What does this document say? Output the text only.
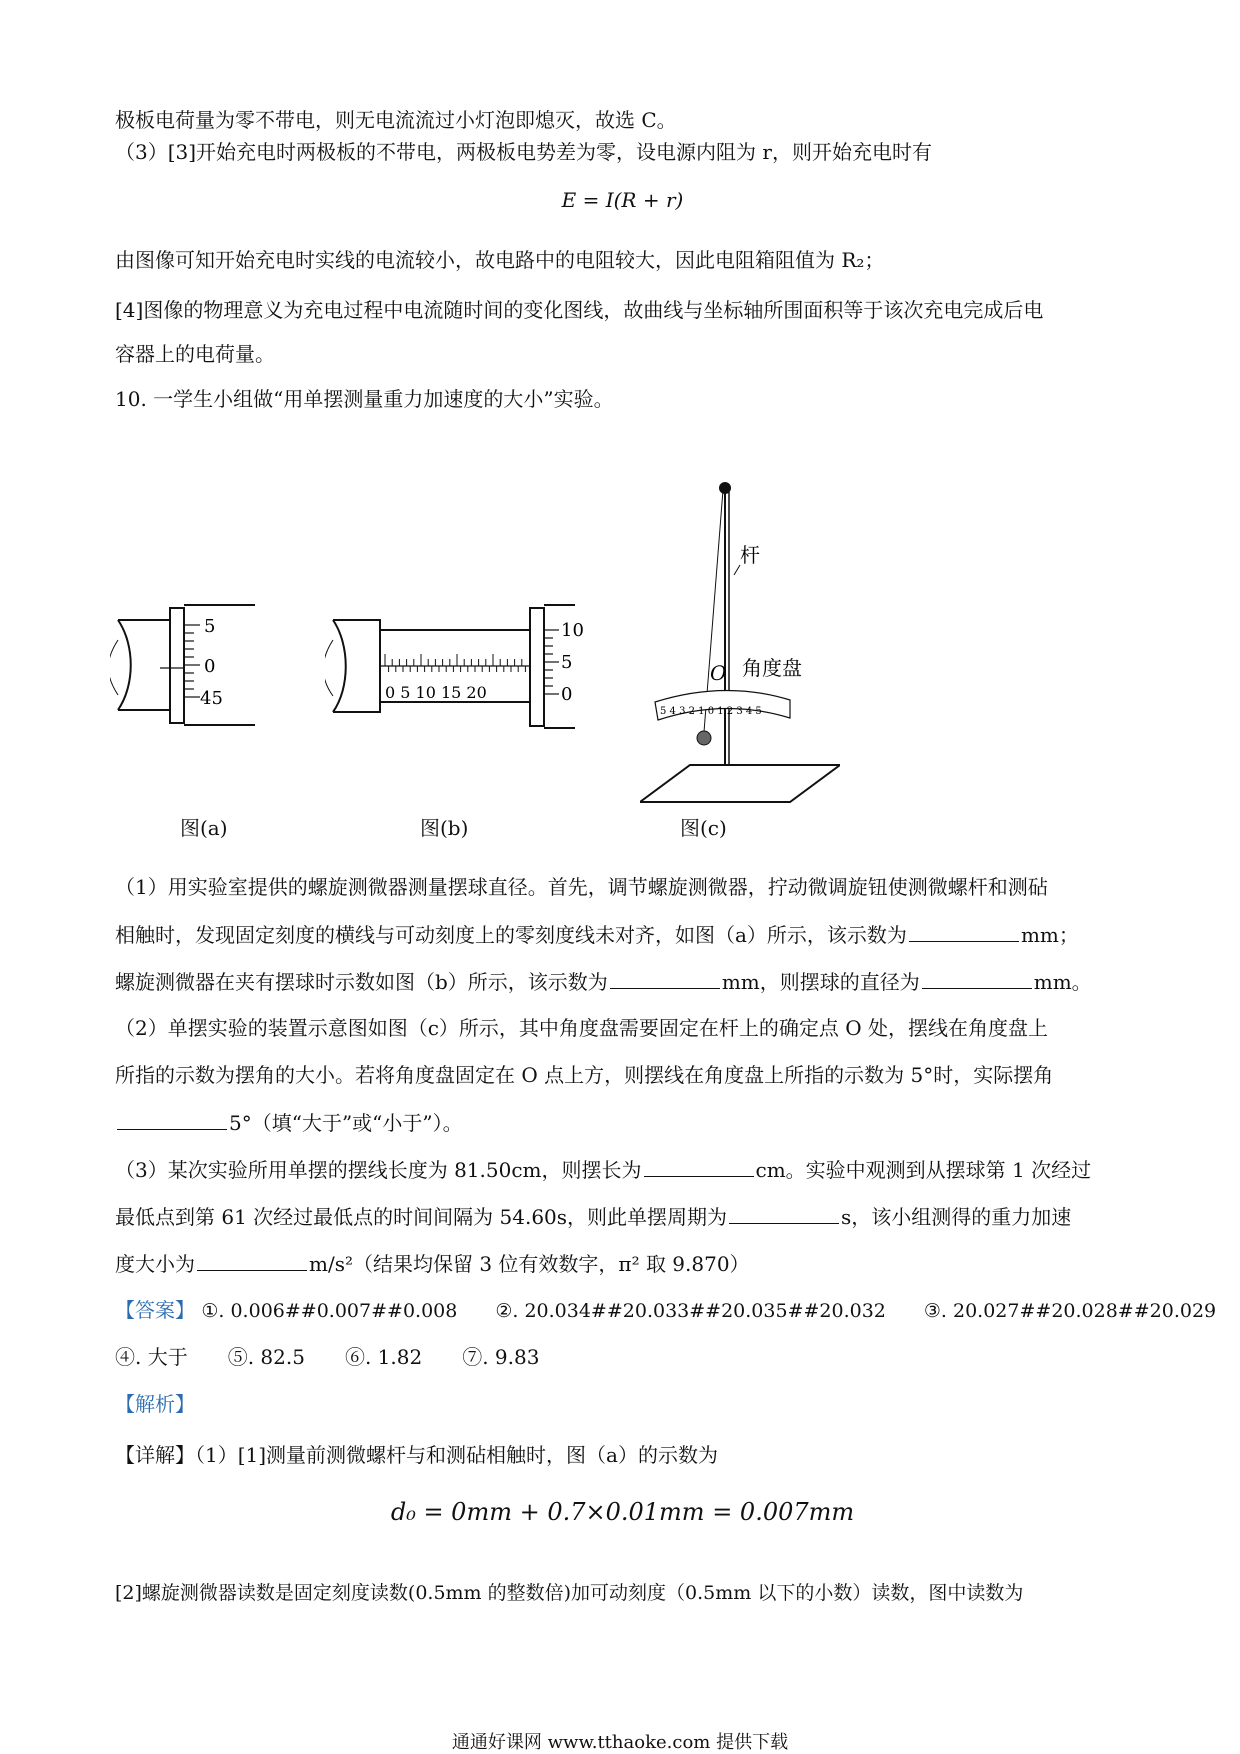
极板电荷量为零不带电，则无电流流过小灯泡即熄灭，故选 C。
（3）[3]开始充电时两极板的不带电，两极板电势差为零，设电源内阻为 r，则开始充电时有
E = I(R + r)
由图像可知开始充电时实线的电流较小，故电路中的电阻较大，因此电阻箱阻值为 R₂；
[4]图像的物理意义为充电过程中电流随时间的变化图线，故曲线与坐标轴所围面积等于该次充电完成后电
容器上的电荷量。
10. 一学生小组做“用单摆测量重力加速度的大小”实验。
5
0
45	0 5 10 15 20
10
5
0
5 4 3 2 1 0 1 2 3 4 5
杆
O 角度盘
图(a)	图(b)	图(c)
（1）用实验室提供的螺旋测微器测量摆球直径。首先，调节螺旋测微器，拧动微调旋钮使测微螺杆和测砧
相触时，发现固定刻度的横线与可动刻度上的零刻度线未对齐，如图（a）所示，该示数为	mm；
螺旋测微器在夹有摆球时示数如图（b）所示，该示数为	mm，则摆球的直径为	mm。
（2）单摆实验的装置示意图如图（c）所示，其中角度盘需要固定在杆上的确定点 O 处，摆线在角度盘上
所指的示数为摆角的大小。若将角度盘固定在 O 点上方，则摆线在角度盘上所指的示数为 5°时，实际摆角
5°（填“大于”或“小于”）。
（3）某次实验所用单摆的摆线长度为 81.50cm，则摆长为	cm。实验中观测到从摆球第 1 次经过
最低点到第 61 次经过最低点的时间间隔为 54.60s，则此单摆周期为	s，该小组测得的重力加速
度大小为	m/s²（结果均保留 3 位有效数字，π² 取 9.870）
【答案】 ①. 0.006##0.007##0.008　　②. 20.034##20.033##20.035##20.032　　③. 20.027##20.028##20.029
④. 大于　　⑤. 82.5　　⑥. 1.82　　⑦. 9.83
【解析】
【详解】（1）[1]测量前测微螺杆与和测砧相触时，图（a）的示数为
d₀ = 0mm + 0.7×0.01mm = 0.007mm
[2]螺旋测微器读数是固定刻度读数(0.5mm 的整数倍)加可动刻度（0.5mm 以下的小数）读数，图中读数为
通通好课网 www.tthaoke.com 提供下载
